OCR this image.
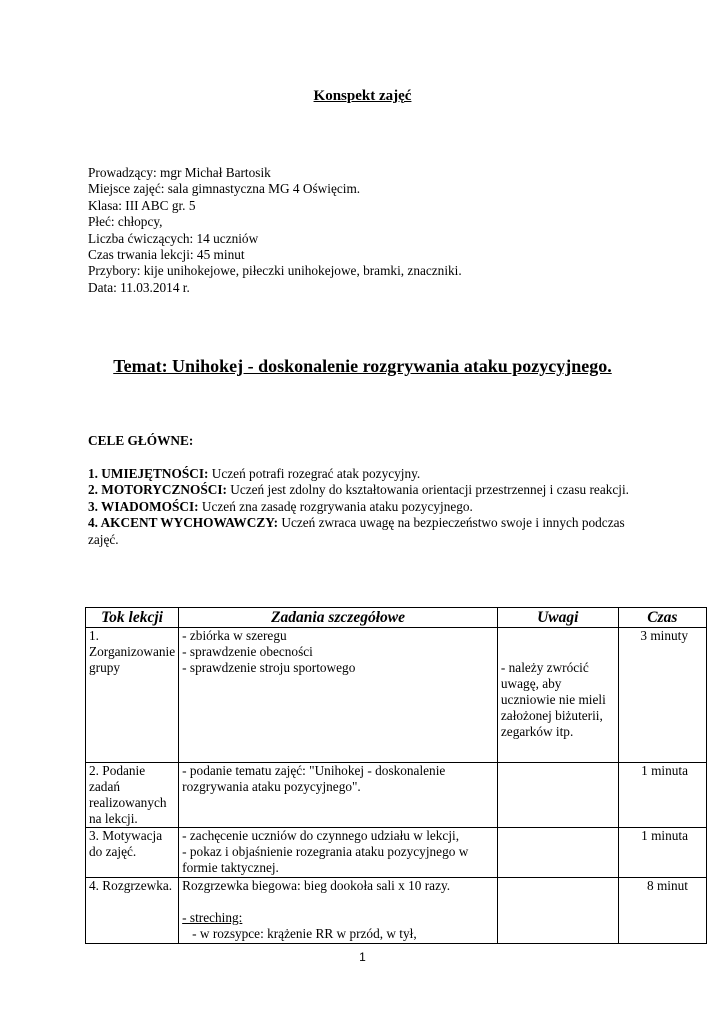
Konspekt zajęć
Prowadzący: mgr Michał Bartosik
Miejsce zajęć: sala gimnastyczna MG 4 Oświęcim.
Klasa: III ABC gr. 5
Płeć: chłopcy,
Liczba ćwiczących: 14 uczniów
Czas trwania lekcji: 45 minut
Przybory: kije unihokejowe, piłeczki unihokejowe, bramki, znaczniki.
Data: 11.03.2014 r.
Temat: Unihokej - doskonalenie rozgrywania ataku pozycyjnego.
CELE GŁÓWNE:
1. UMIEJĘTNOŚCI: Uczeń potrafi rozegrać atak pozycyjny.
2. MOTORYCZNOŚCI: Uczeń jest zdolny do kształtowania orientacji przestrzennej i czasu reakcji.
3. WIADOMOŚCI: Uczeń zna zasadę rozgrywania ataku pozycyjnego.
4. AKCENT WYCHOWAWCZY: Uczeń zwraca uwagę na bezpieczeństwo swoje i innych podczas zajęć.
Tok lekcji	Zadania szczegółowe	Uwagi	Czas
1. Zorganizowanie grupy	- zbiórka w szeregu
- sprawdzenie obecności
- sprawdzenie stroju sportowego	- należy zwrócić uwagę, aby uczniowie nie mieli założonej biżuterii, zegarków itp.	3 minuty
2. Podanie zadań realizowanych na lekcji.	- podanie tematu zajęć: "Unihokej - doskonalenie rozgrywania ataku pozycyjnego".		1 minuta
3. Motywacja do zajęć.	- zachęcenie uczniów do czynnego udziału w lekcji,
- pokaz i objaśnienie rozegrania ataku pozycyjnego w formie taktycznej.		1 minuta
4. Rozgrzewka.	Rozgrzewka biegowa: bieg dookoła sali x 10 razy.
- streching:
- w rozsypce: krążenie RR w przód, w tył,		8 minut
1
